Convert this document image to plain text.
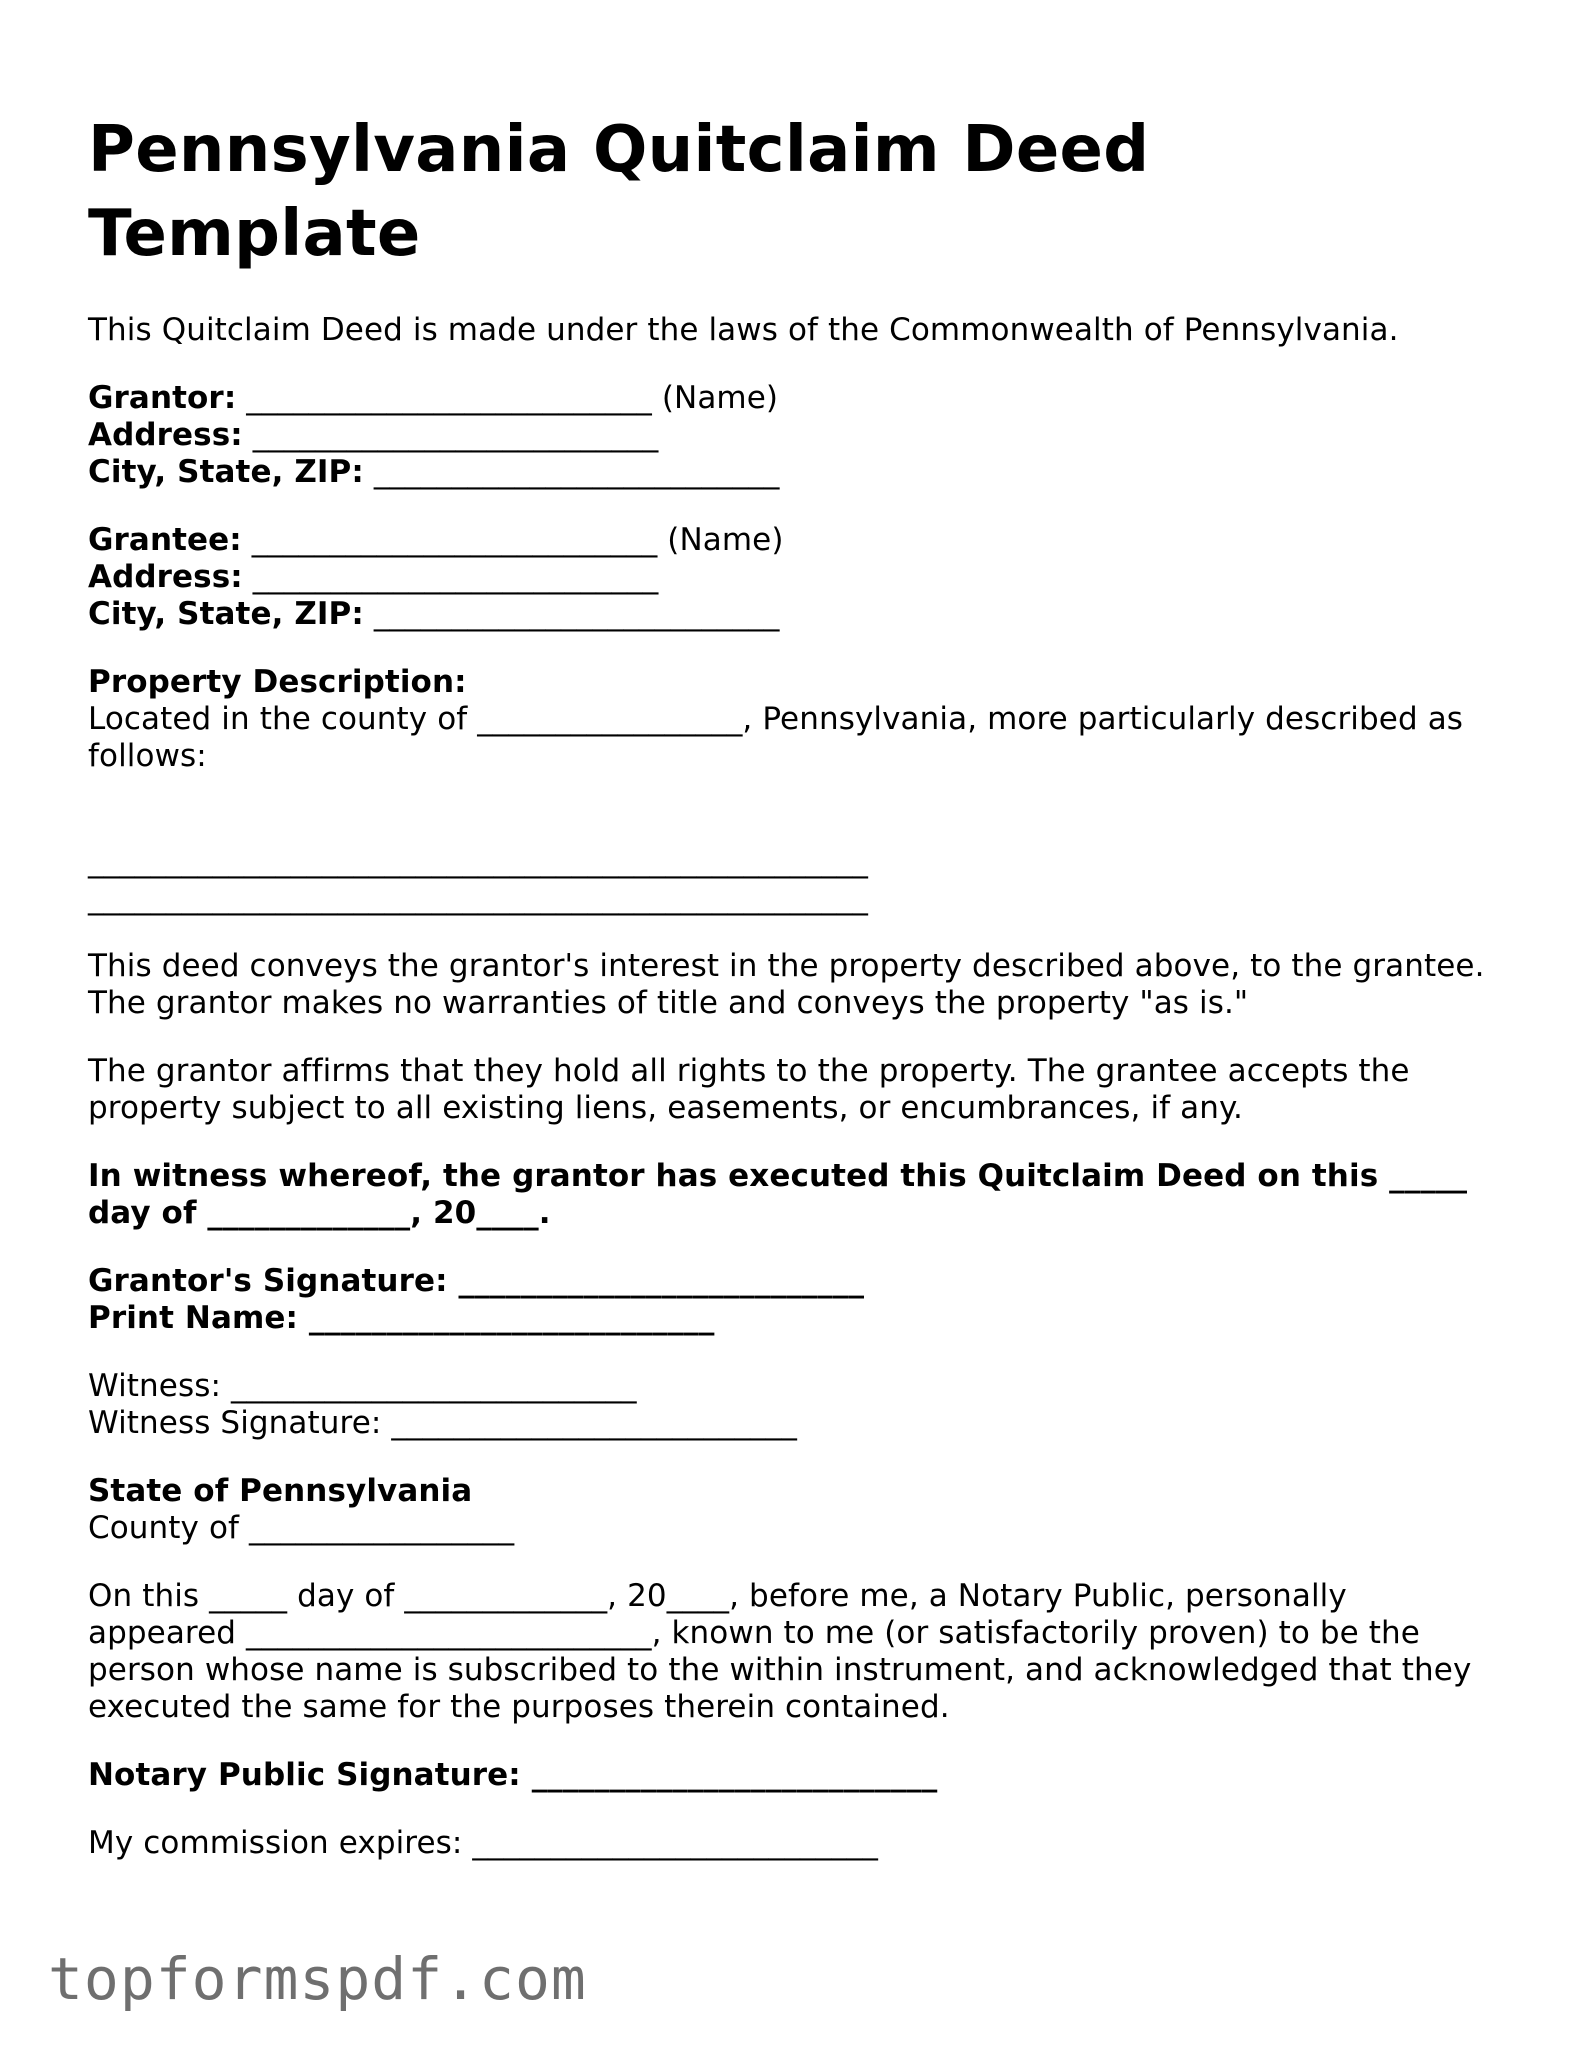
Pennsylvania Quitclaim Deed Template

This Quitclaim Deed is made under the laws of the Commonwealth of Pennsylvania.

Grantor: __________________________ (Name)
Address: __________________________
City, State, ZIP: __________________________

Grantee: __________________________ (Name)
Address: __________________________
City, State, ZIP: __________________________

Property Description:
Located in the county of _________________, Pennsylvania, more particularly described as follows:

__________________________________________________
__________________________________________________

This deed conveys the grantor's interest in the property described above, to the grantee. The grantor makes no warranties of title and conveys the property "as is."

The grantor affirms that they hold all rights to the property. The grantee accepts the property subject to all existing liens, easements, or encumbrances, if any.

In witness whereof, the grantor has executed this Quitclaim Deed on this _____ day of _____________, 20____.

Grantor's Signature: __________________________
Print Name: __________________________

Witness: __________________________
Witness Signature: __________________________

State of Pennsylvania
County of _________________

On this _____ day of _____________, 20____, before me, a Notary Public, personally appeared __________________________, known to me (or satisfactorily proven) to be the person whose name is subscribed to the within instrument, and acknowledged that they executed the same for the purposes therein contained.

Notary Public Signature: __________________________

My commission expires: __________________________

topformspdf.com
